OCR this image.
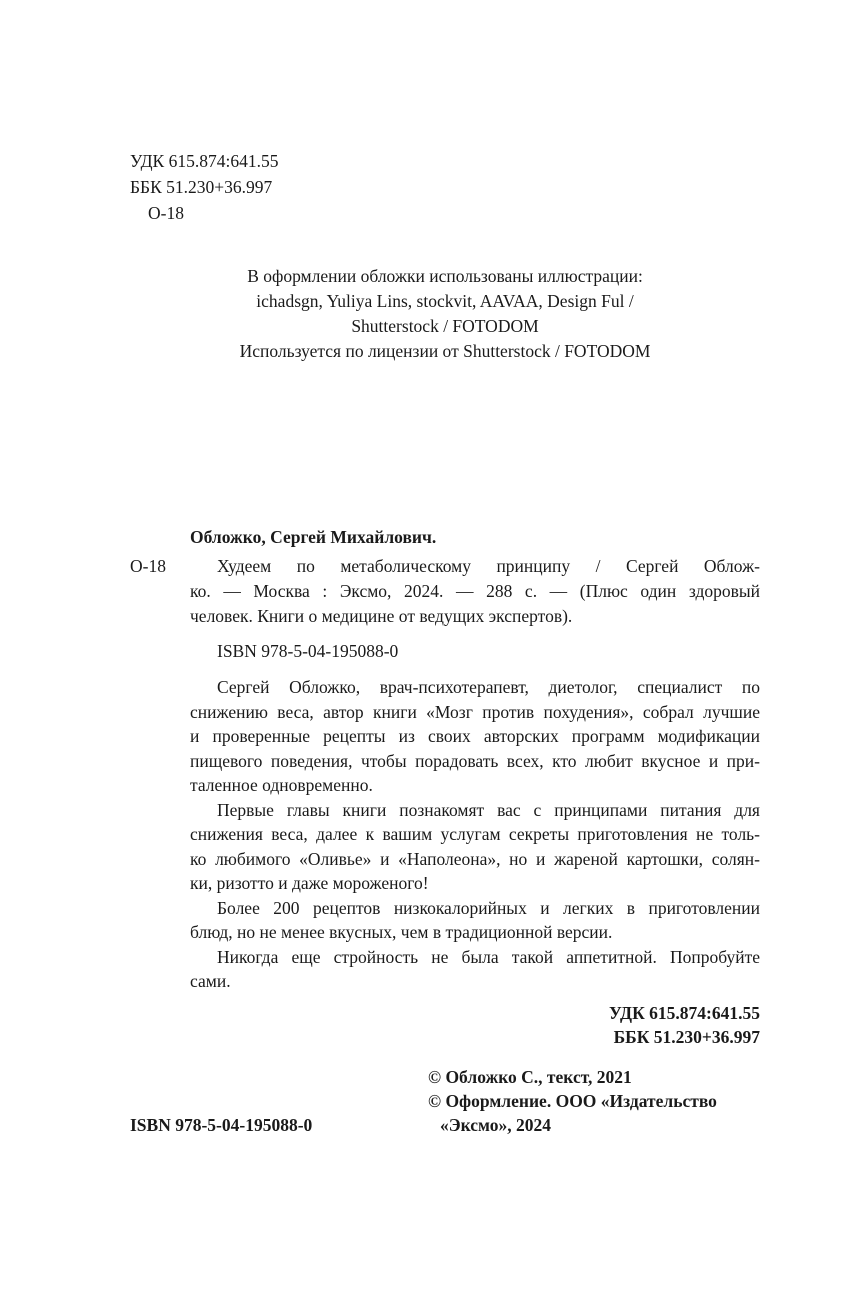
УДК 615.874:641.55
ББК 51.230+36.997
О-18
В оформлении обложки использованы иллюстрации:
ichadsgn, Yuliya Lins, stockvit, AAVAA, Design Ful /
Shutterstock / FOTODOM
Используется по лицензии от Shutterstock / FOTODOM
Обложко, Сергей Михайлович.
О-18	Худеем по метаболическому принципу / Сергей Облож-
ко. — Москва : Эксмо, 2024. — 288 с. — (Плюс один здоровый
человек. Книги о медицине от ведущих экспертов).
ISBN 978-5-04-195088-0
Сергей Обложко, врач-психотерапевт, диетолог, специалист по
снижению веса, автор книги «Мозг против похудения», собрал лучшие
и проверенные рецепты из своих авторских программ модификации
пищевого поведения, чтобы порадовать всех, кто любит вкусное и при-
таленное одновременно.
Первые главы книги познакомят вас с принципами питания для
снижения веса, далее к вашим услугам секреты приготовления не толь-
ко любимого «Оливье» и «Наполеона», но и жареной картошки, солян-
ки, ризотто и даже мороженого!
Более 200 рецептов низкокалорийных и легких в приготовлении
блюд, но не менее вкусных, чем в традиционной версии.
Никогда еще стройность не была такой аппетитной. Попробуйте
сами.
УДК 615.874:641.55
ББК 51.230+36.997
© Обложко С., текст, 2021
© Оформление. ООО «Издательство
«Эксмо», 2024
ISBN 978-5-04-195088-0
